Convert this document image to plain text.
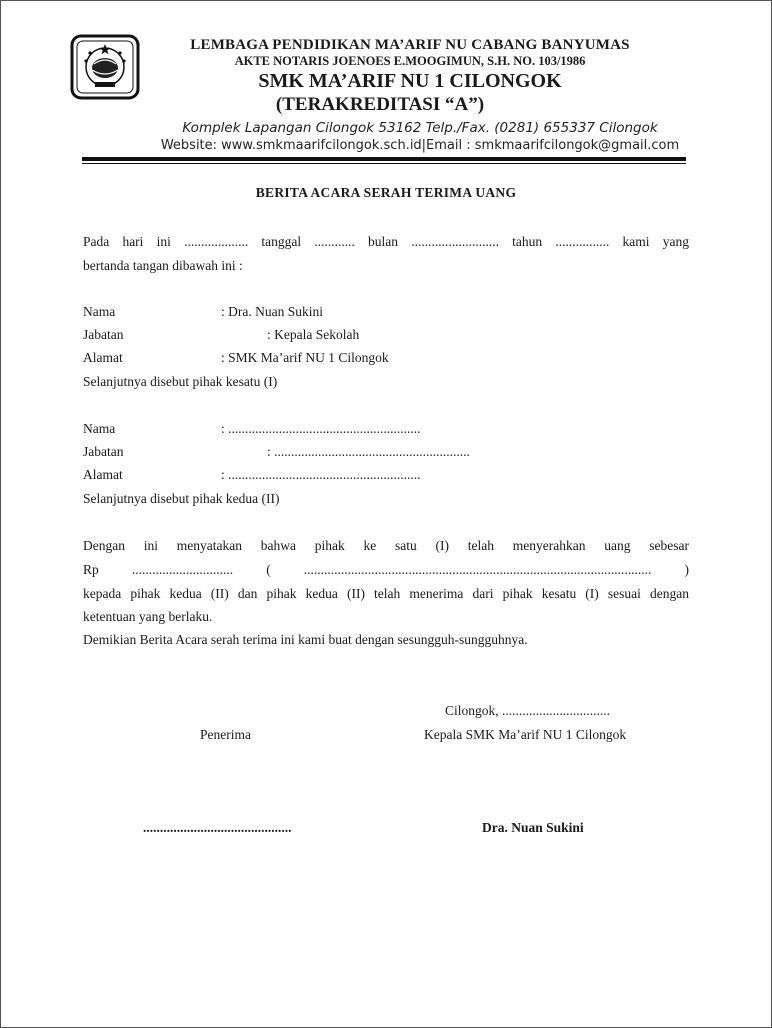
LEMBAGA PENDIDIKAN MA’ARIF NU CABANG BANYUMAS
AKTE NOTARIS JOENOES E.MOOGIMUN, S.H. NO. 103/1986
SMK MA’ARIF NU 1 CILONGOK
(TERAKREDITASI “A”)
Komplek Lapangan Cilongok 53162 Telp./Fax. (0281) 655337 Cilongok
Website: www.smkmaarifcilongok.sch.id|Email : smkmaarifcilongok@gmail.com
BERITA ACARA SERAH TERIMA UANG
Pada hari ini ................... tanggal ............ bulan .......................... tahun ................ kami yang
bertanda tangan dibawah ini :
Nama	: Dra. Nuan Sukini
Jabatan	: Kepala Sekolah
Alamat	: SMK Ma’arif NU 1 Cilongok
Selanjutnya disebut pihak kesatu (I)
Nama	: .........................................................
Jabatan	: ..........................................................
Alamat	: .........................................................
Selanjutnya disebut pihak kedua (II)
Dengan ini menyatakan bahwa pihak ke satu (I) telah menyerahkan uang sebesar
Rp .............................. ( ....................................................................................................... )
kepada pihak kedua (II) dan pihak kedua (II) telah menerima dari pihak kesatu (I) sesuai dengan
ketentuan yang berlaku.
Demikian Berita Acara serah terima ini kami buat dengan sesungguh-sungguhnya.
Cilongok, ................................
Penerima	Kepala SMK Ma’arif NU 1 Cilongok
............................................	Dra. Nuan Sukini
